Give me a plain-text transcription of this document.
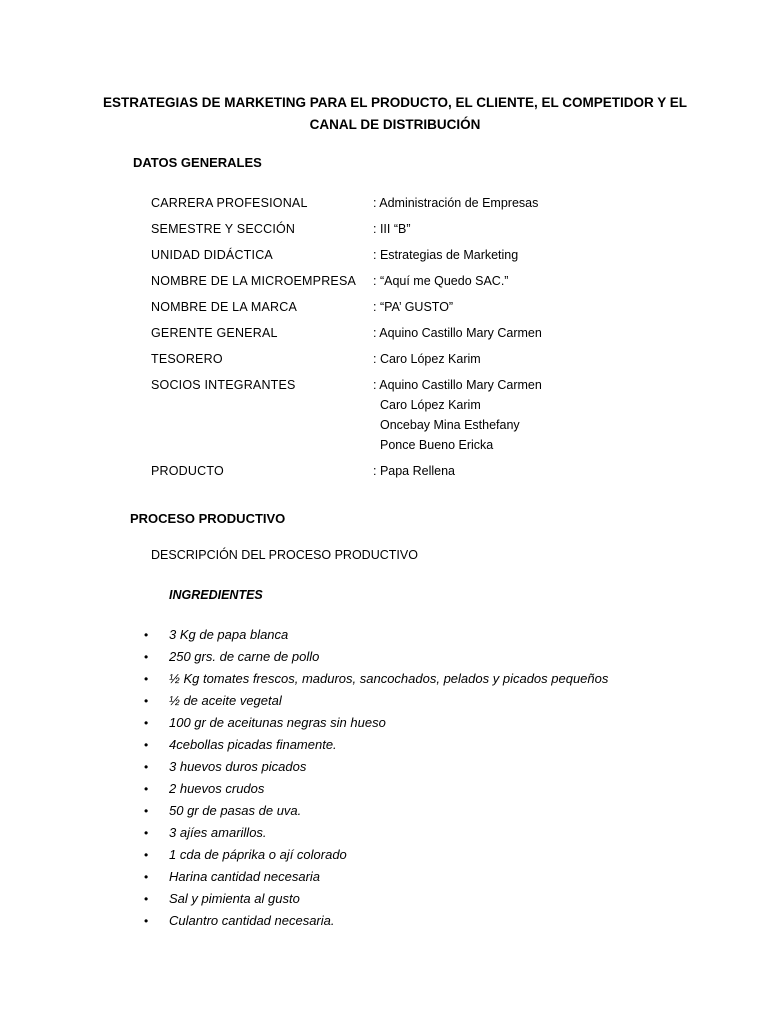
ESTRATEGIAS DE MARKETING PARA EL PRODUCTO, EL CLIENTE, EL COMPETIDOR Y EL
CANAL DE DISTRIBUCIÓN
DATOS GENERALES
CARRERA PROFESIONAL	: Administración de Empresas
SEMESTRE Y SECCIÓN	: III “B”
UNIDAD DIDÁCTICA	: Estrategias de Marketing
NOMBRE DE LA MICROEMPRESA : “Aquí me Quedo SAC.”
NOMBRE DE LA MARCA	: “PA’ GUSTO”
GERENTE GENERAL	: Aquino Castillo Mary Carmen
TESORERO	: Caro López Karim
SOCIOS INTEGRANTES	: Aquino Castillo Mary Carmen
Caro López Karim
Oncebay Mina Esthefany
Ponce Bueno Ericka
PRODUCTO	: Papa Rellena
PROCESO PRODUCTIVO
DESCRIPCIÓN DEL PROCESO PRODUCTIVO
INGREDIENTES
• 3 Kg de papa blanca
• 250 grs. de carne de pollo
• ½ Kg tomates frescos, maduros, sancochados, pelados y picados pequeños
• ½ de aceite vegetal
• 100 gr de aceitunas negras sin hueso
• 4cebollas picadas finamente.
• 3 huevos duros picados
• 2 huevos crudos
• 50 gr de pasas de uva.
• 3 ajíes amarillos.
• 1 cda de páprika o ají colorado
• Harina cantidad necesaria
• Sal y pimienta al gusto
• Culantro cantidad necesaria.
